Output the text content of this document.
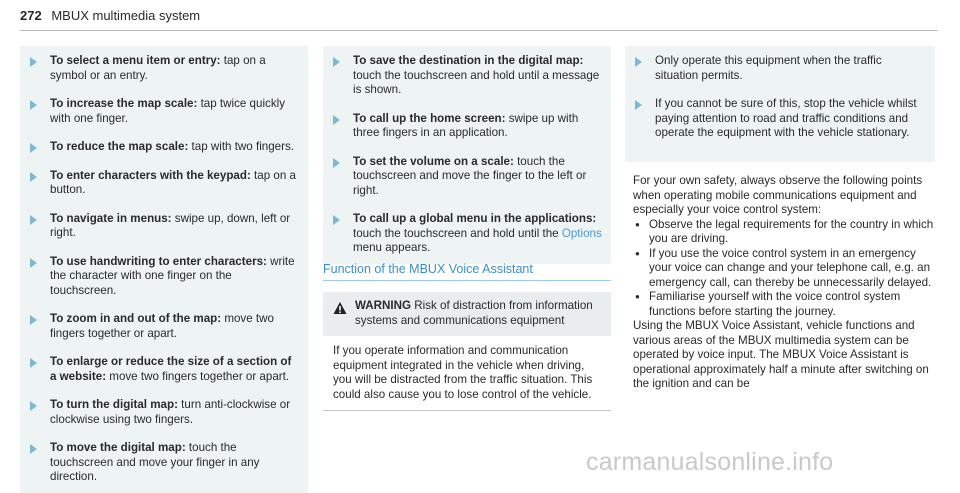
272 MBUX multimedia system
To select a menu item or entry: tap on a symbol or an entry.
To increase the map scale: tap twice quickly with one finger.
To reduce the map scale: tap with two fingers.
To enter characters with the keypad: tap on a button.
To navigate in menus: swipe up, down, left or right.
To use handwriting to enter characters: write the character with one finger on the touchscreen.
To zoom in and out of the map: move two fingers together or apart.
To enlarge or reduce the size of a section of a website: move two fingers together or apart.
To turn the digital map: turn anti-clockwise or clockwise using two fingers.
To move the digital map: touch the touchscreen and move your finger in any direction.
To save the destination in the digital map: touch the touchscreen and hold until a message is shown.
To call up the home screen: swipe up with three fingers in an application.
To set the volume on a scale: touch the touchscreen and move the finger to the left or right.
To call up a global menu in the applications: touch the touchscreen and hold until the Options menu appears.
Function of the MBUX Voice Assistant
WARNING Risk of distraction from information systems and communications equipment
If you operate information and communication equipment integrated in the vehicle when driving, you will be distracted from the traffic situation. This could also cause you to lose control of the vehicle.
Only operate this equipment when the traffic situation permits.
If you cannot be sure of this, stop the vehicle whilst paying attention to road and traffic conditions and operate the equipment with the vehicle stationary.
For your own safety, always observe the following points when operating mobile communications equipment and especially your voice control system:
● Observe the legal requirements for the country in which you are driving.
● If you use the voice control system in an emergency your voice can change and your telephone call, e.g. an emergency call, can thereby be unnecessarily delayed.
● Familiarise yourself with the voice control system functions before starting the journey.
Using the MBUX Voice Assistant, vehicle functions and various areas of the MBUX multimedia system can be operated by voice input. The MBUX Voice Assistant is operational approximately half a minute after switching on the ignition and can be
carmanualsonline.info
